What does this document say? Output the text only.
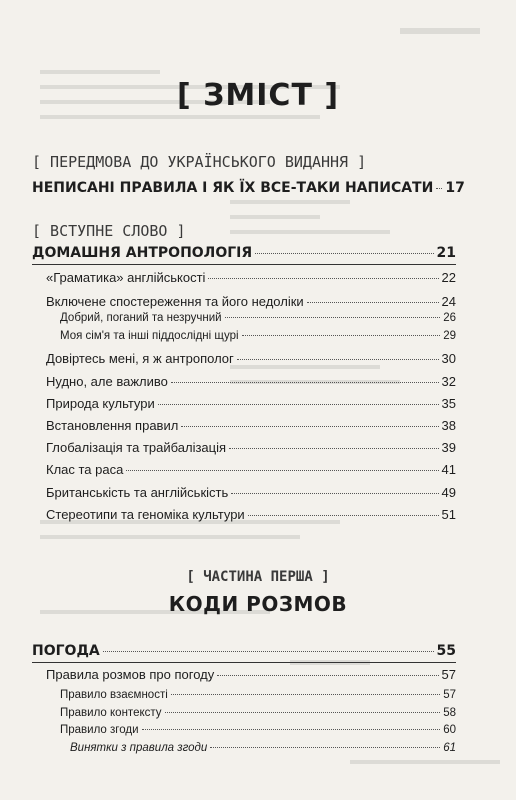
[ ЗМІСТ ]
[ ПЕРЕДМОВА ДО УКРАЇНСЬКОГО ВИДАННЯ ]
НЕПИСАНІ ПРАВИЛА І ЯК ЇХ ВСЕ-ТАКИ НАПИСАТИ 17
[ ВСТУПНЕ СЛОВО ]
ДОМАШНЯ АНТРОПОЛОГІЯ	21
«Граматика» англійськості	22
Включене спостереження та його недоліки	24
Добрий, поганий та незручний	26
Моя сім'я та інші піддослідні щурі	29
Довіртесь мені, я ж антрополог	30
Нудно, але важливо	32
Природа культури	35
Встановлення правил	38
Глобалізація та трайбалізація	39
Клас та раса	41
Британськість та англійськість	49
Стереотипи та геноміка культури	51
[ ЧАСТИНА ПЕРША ]
КОДИ РОЗМОВ
ПОГОДА	55
Правила розмов про погоду	57
Правило взаємності	57
Правило контексту	58
Правило згоди	60
Винятки з правила згоди	61
